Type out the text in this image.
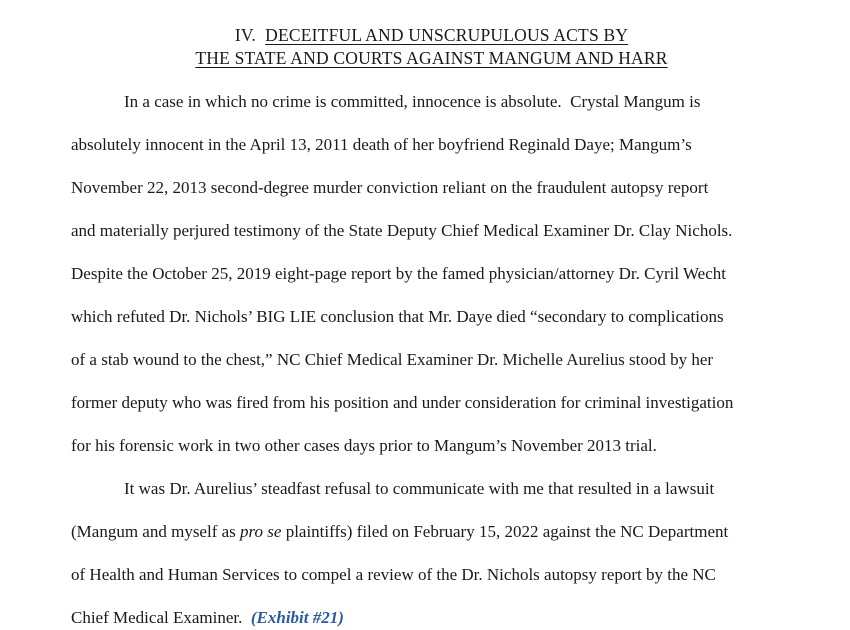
IV.  DECEITFUL AND UNSCRUPULOUS ACTS BY
THE STATE AND COURTS AGAINST MANGUM AND HARR
In a case in which no crime is committed, innocence is absolute.  Crystal Mangum is
absolutely innocent in the April 13, 2011 death of her boyfriend Reginald Daye; Mangum’s
November 22, 2013 second-degree murder conviction reliant on the fraudulent autopsy report
and materially perjured testimony of the State Deputy Chief Medical Examiner Dr. Clay Nichols.
Despite the October 25, 2019 eight-page report by the famed physician/attorney Dr. Cyril Wecht
which refuted Dr. Nichols’ BIG LIE conclusion that Mr. Daye died “secondary to complications
of a stab wound to the chest,” NC Chief Medical Examiner Dr. Michelle Aurelius stood by her
former deputy who was fired from his position and under consideration for criminal investigation
for his forensic work in two other cases days prior to Mangum’s November 2013 trial.
It was Dr. Aurelius’ steadfast refusal to communicate with me that resulted in a lawsuit
(Mangum and myself as pro se plaintiffs) filed on February 15, 2022 against the NC Department
of Health and Human Services to compel a review of the Dr. Nichols autopsy report by the NC
Chief Medical Examiner.  (Exhibit #21)
